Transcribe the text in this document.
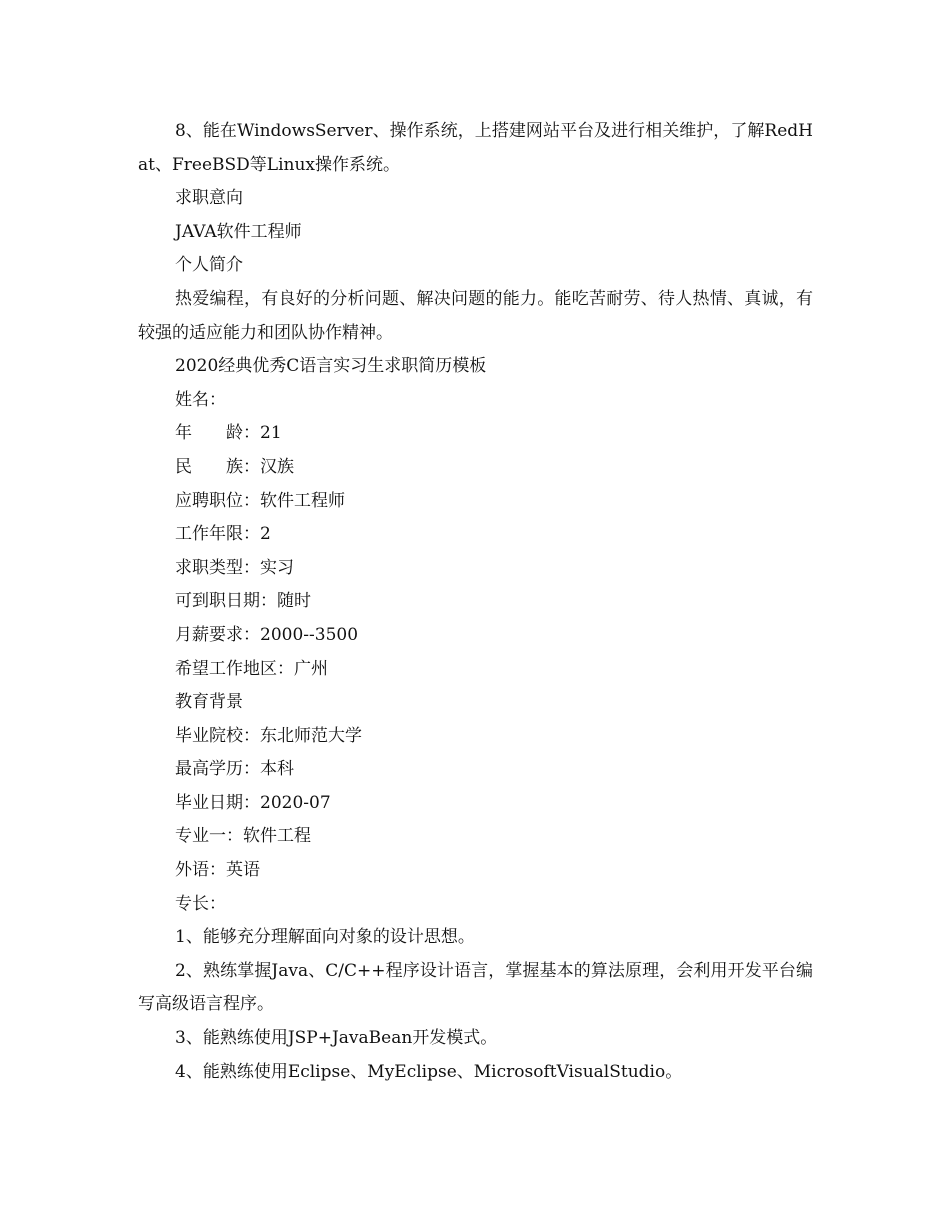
8、能在WindowsServer、操作系统，上搭建网站平台及进行相关维护，了解RedHat、FreeBSD等Linux操作系统。

求职意向

JAVA软件工程师

个人简介

热爱编程，有良好的分析问题、解决问题的能力。能吃苦耐劳、待人热情、真诚，有较强的适应能力和团队协作精神。

2020经典优秀C语言实习生求职简历模板

姓名：

年　　龄：21

民　　族：汉族

应聘职位：软件工程师

工作年限：2

求职类型：实习

可到职日期：随时

月薪要求：2000--3500

希望工作地区：广州

教育背景

毕业院校：东北师范大学

最高学历：本科

毕业日期：2020-07

专业一：软件工程

外语：英语

专长：

1、能够充分理解面向对象的设计思想。

2、熟练掌握Java、C/C++程序设计语言，掌握基本的算法原理，会利用开发平台编写高级语言程序。

3、能熟练使用JSP+JavaBean开发模式。

4、能熟练使用Eclipse、MyEclipse、MicrosoftVisualStudio。
